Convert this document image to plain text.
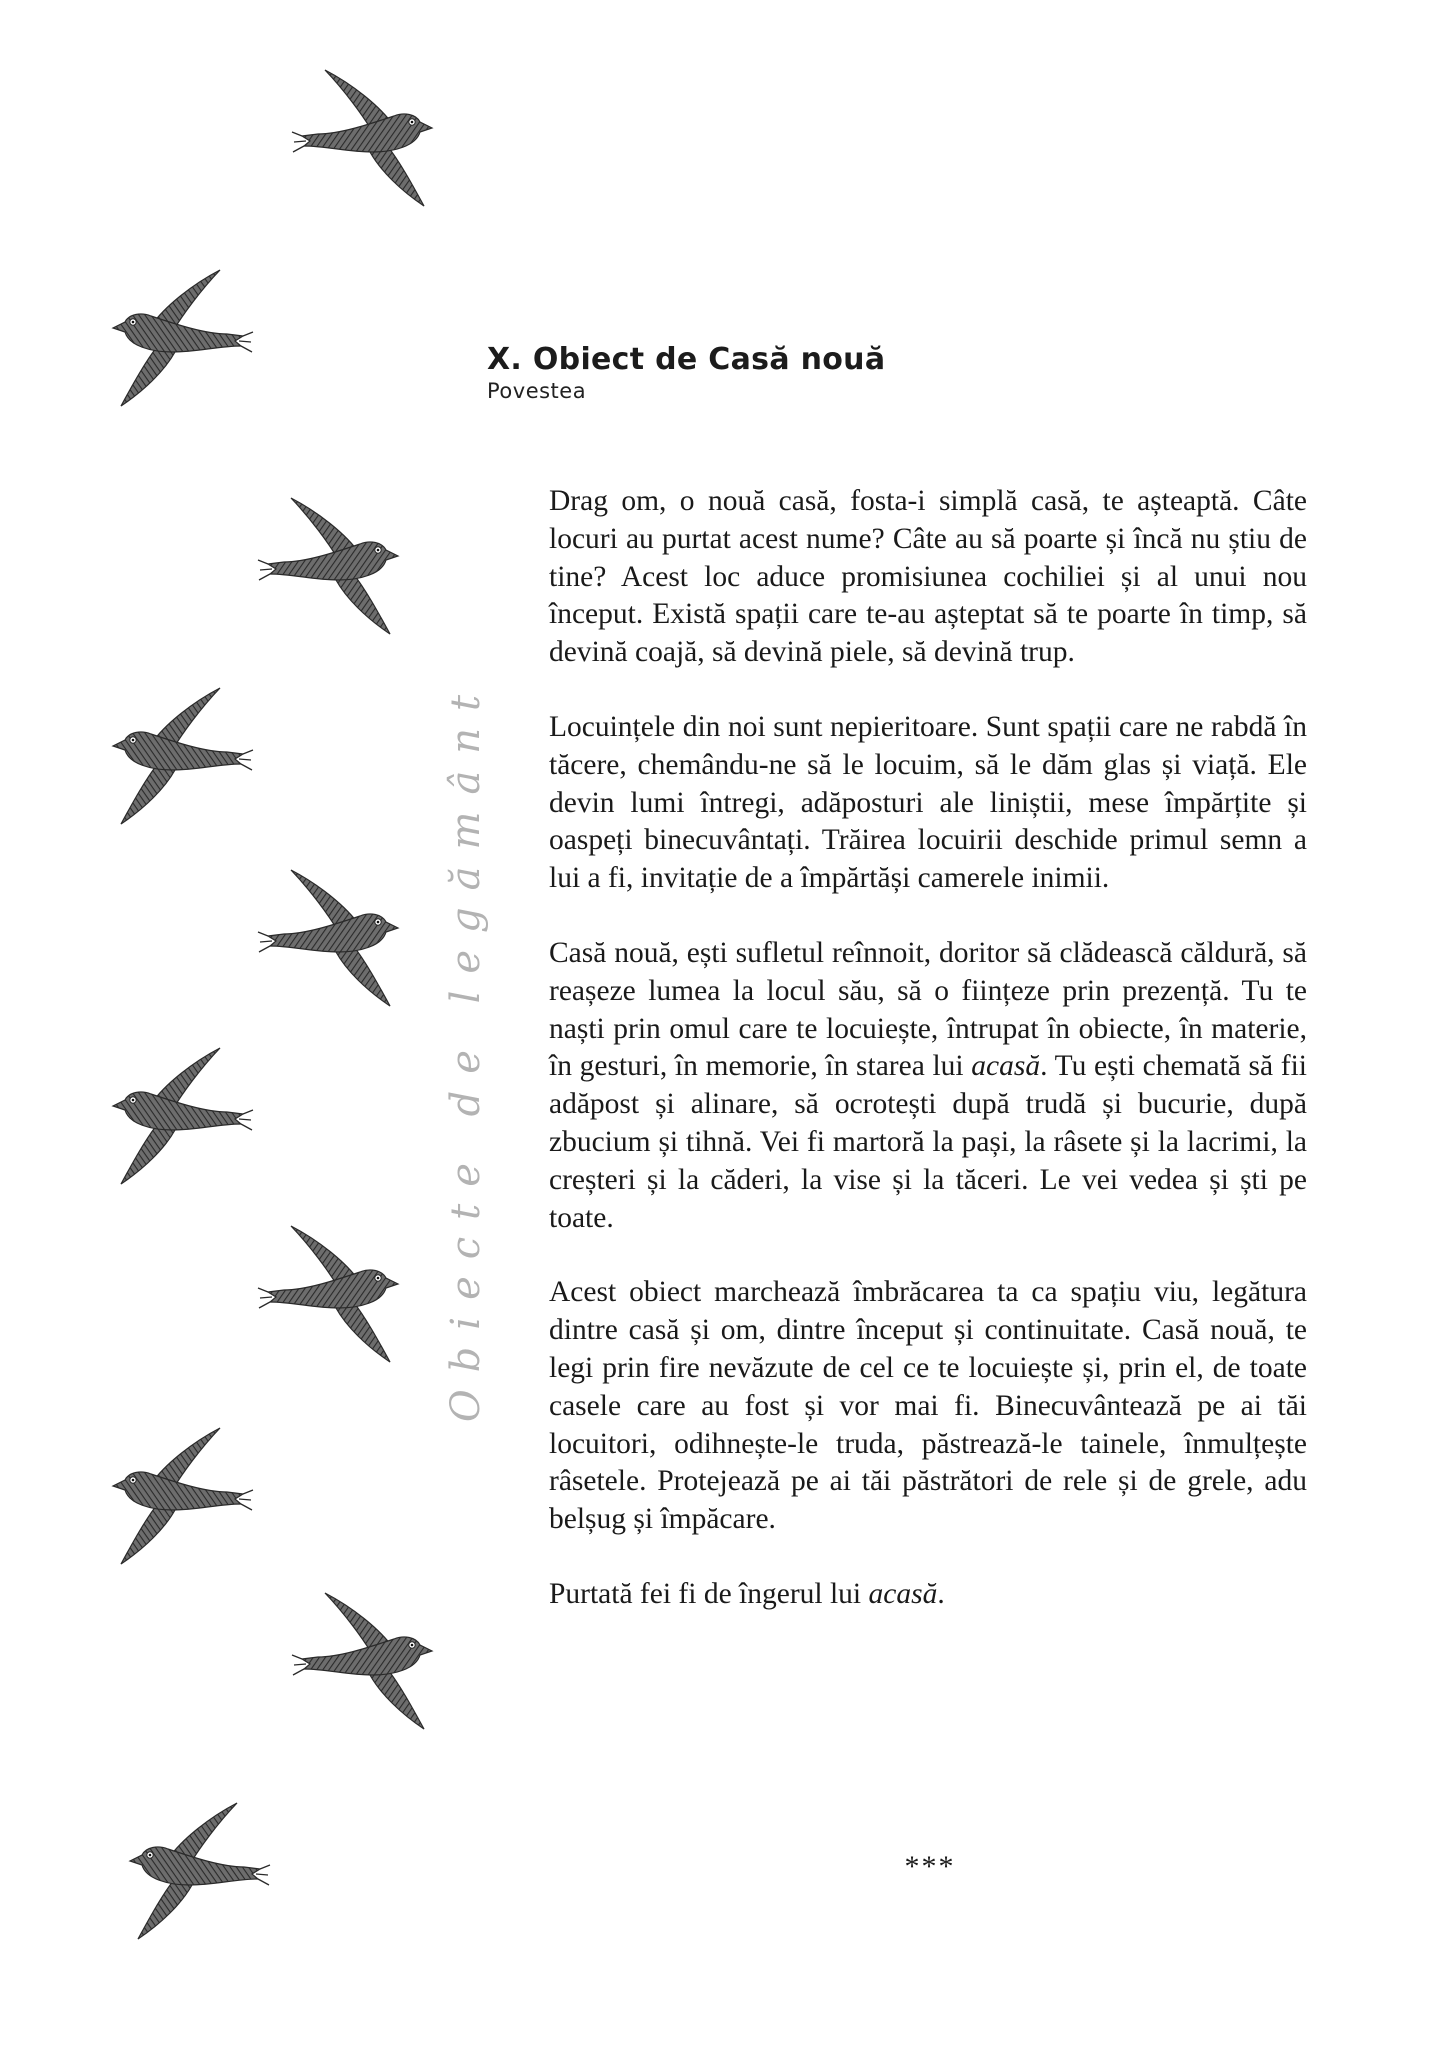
Obiecte de legământ
X. Obiect de Casă nouă
Povestea

Drag om, o nouă casă, fosta-i simplă casă, te așteaptă. Câte locuri au purtat acest nume? Câte au să poarte și încă nu știu de tine? Acest loc aduce promisiunea cochiliei și al unui nou început. Există spații care te-au așteptat să te poarte în timp, să devină coajă, să devină piele, să devină trup.

Locuințele din noi sunt nepieritoare. Sunt spații care ne rabdă în tăcere, chemându-ne să le locuim, să le dăm glas și viață. Ele devin lumi întregi, adăposturi ale liniștii, mese împărțite și oaspeți binecuvântați. Trăirea locuirii deschide primul semn a lui a fi, invitație de a împărtăși camerele inimii.

Casă nouă, ești sufletul reînnoit, doritor să clădească căldură, să reașeze lumea la locul său, să o ființeze prin prezență. Tu te naști prin omul care te locuiește, întrupat în obiecte, în materie, în gesturi, în memorie, în starea lui acasă. Tu ești chemată să fii adăpost și alinare, să ocrotești după trudă și bucurie, după zbucium și tihnă. Vei fi martoră la pași, la râsete și la lacrimi, la creșteri și la căderi, la vise și la tăceri. Le vei vedea și ști pe toate.

Acest obiect marchează îmbrăcarea ta ca spațiu viu, legătura dintre casă și om, dintre început și continuitate. Casă nouă, te legi prin fire nevăzute de cel ce te locuiește și, prin el, de toate casele care au fost și vor mai fi. Binecuvântează pe ai tăi locuitori, odihnește-le truda, păstrează-le tainele, înmulțește râsetele. Protejează pe ai tăi păstrători de rele și de grele, adu belșug și împăcare.

Purtată fei fi de îngerul lui acasă.

***
